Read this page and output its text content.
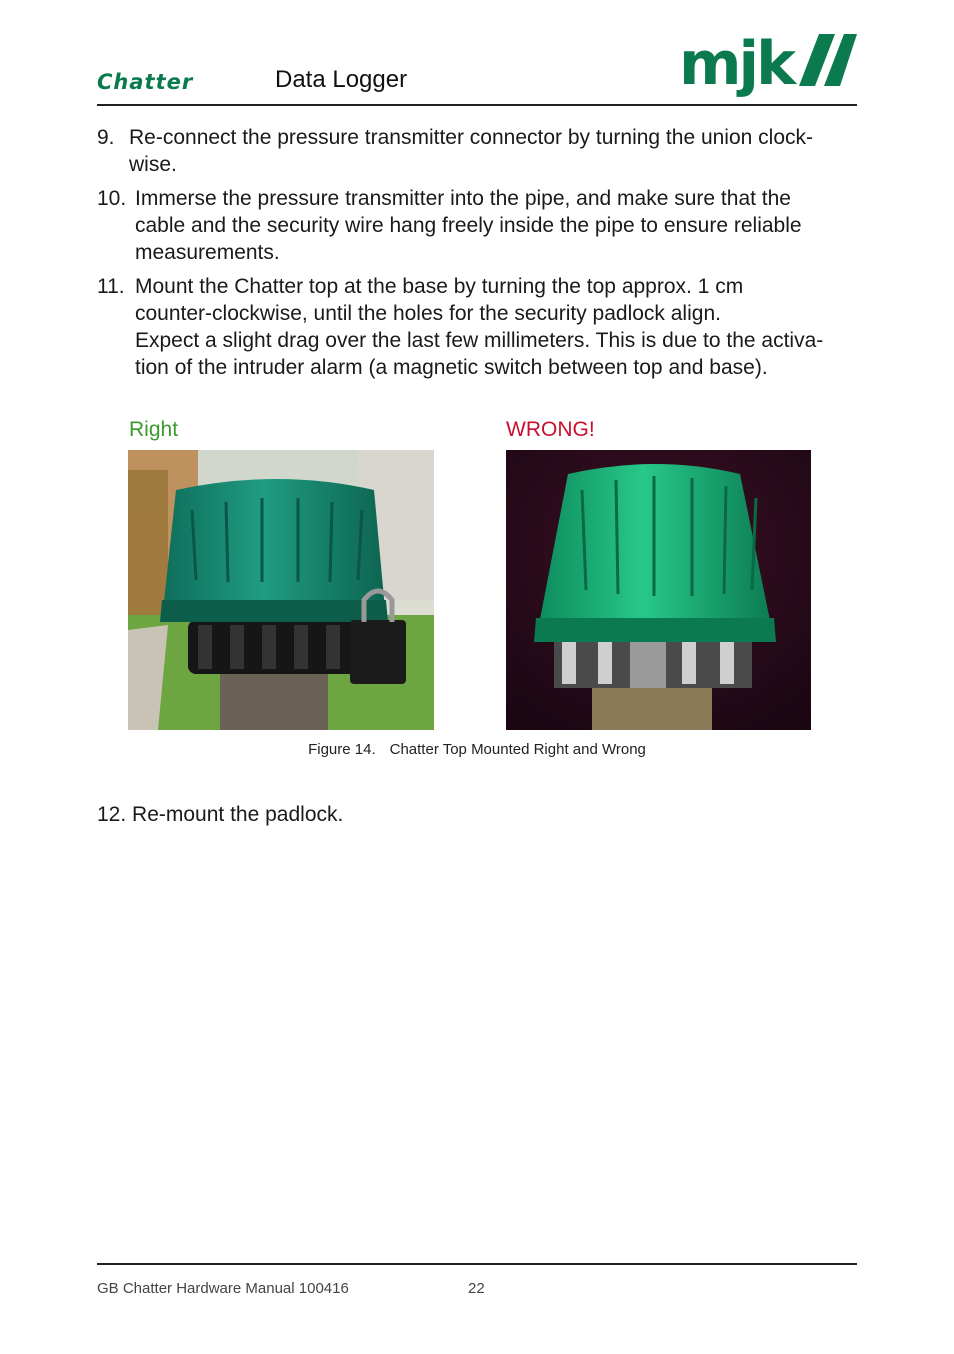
Chatter	Data Logger	mjk
9. Re-connect the pressure transmitter connector by turning the union clock-
wise.
10. Immerse the pressure transmitter into the pipe, and make sure that the
cable and the security wire hang freely inside the pipe to ensure reliable
measurements.
11. Mount the Chatter top at the base by turning the top approx. 1 cm
counter-clockwise, until the holes for the security padlock align.
Expect a slight drag over the last few millimeters. This is due to the activa-
tion of the intruder alarm (a magnetic switch between top and base).
Right	WRONG!
Figure 14. Chatter Top Mounted Right and Wrong
12. Re-mount the padlock.
GB Chatter Hardware Manual 100416	22
